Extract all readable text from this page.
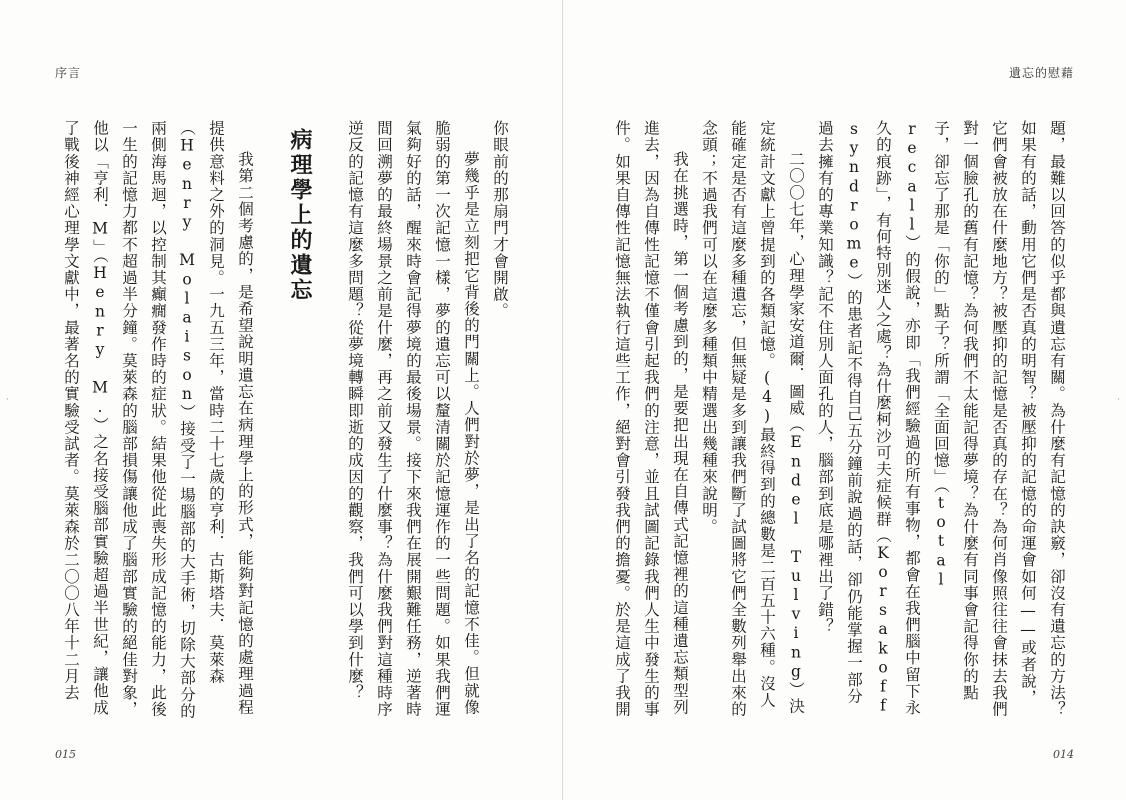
序言

你眼前的那扇門才會開啟。

夢幾乎是立刻把它背後的門關上。人們對於夢，是出了名的記憶不佳。但就像脆弱的第一次記憶一樣，夢的遺忘可以釐清關於記憶運作的一些問題。如果我們運氣夠好的話，醒來時會記得夢境的最後場景。接下來我們在展開艱難任務，逆著時間回溯夢的最終場景之前是什麼，再之前又發生了什麼事？為什麼我們對這種時序逆反的記憶有這麼多問題？從夢境轉瞬即逝的成因的觀察，我們可以學到什麼？

病理學上的遺忘

我第二個考慮的，是希望說明遺忘在病理學上的形式，能夠對記憶的處理過程提供意料之外的洞見。一九五三年，當時二十七歲的亨利．古斯塔夫．莫萊森（Henry Molaison）接受了一場腦部的大手術，切除大部分的兩側海馬迴，以控制其癲癇發作時的症狀。結果他從此喪失形成記憶的能力，此後一生的記憶力都不超過半分鐘。莫萊森的腦部損傷讓他成了腦部實驗的絕佳對象，他以「亨利．M」（Henry M.）之名接受腦部實驗超過半世紀，讓他成了戰後神經心理學文獻中，最著名的實驗受試者。莫萊森於二〇〇八年十二月去

015
·
遺忘的慰藉

題，最難以回答的似乎都與遺忘有關。為什麼有記憶的訣竅，卻沒有遺忘的方法？如果有的話，動用它們是否真的明智？被壓抑的記憶的命運會如何——或者說，它們會被放在什麼地方？被壓抑的記憶是否真的存在？為何肖像照往往會抹去我們對一個臉孔的舊有記憶？為何我們不太能記得夢境？為什麼有同事會記得你的點子，卻忘了那是「你的」點子？所謂「全面回憶」（total recall）的假說，亦即「我們經驗過的所有事物，都會在我們腦中留下永久的痕跡」，有何特別迷人之處？為什麼柯沙可夫症候群（Korsakoff syndrome）的患者記不得自己五分鐘前說過的話，卻仍能掌握一部分過去擁有的專業知識？記不住別人面孔的人，腦部到底是哪裡出了錯？

二〇〇七年，心理學家安道爾．圖威（Endel Tulving）決定統計文獻上曾提到的各類記憶。(4)最終得到的總數是二百五十六種。沒人能確定是否有這麼多種遺忘，但無疑是多到讓我們斷了試圖將它們全數列舉出來的念頭；不過我們可以在這麼多種類中精選出幾種來說明。

我在挑選時，第一個考慮到的，是要把出現在自傳式記憶裡的這種遺忘類型列進去，因為自傳性記憶不僅會引起我們的注意，並且試圖記錄我們人生中發生的事件。如果自傳性記憶無法執行這些工作，絕對會引發我們的擔憂。於是這成了我開

014
·
